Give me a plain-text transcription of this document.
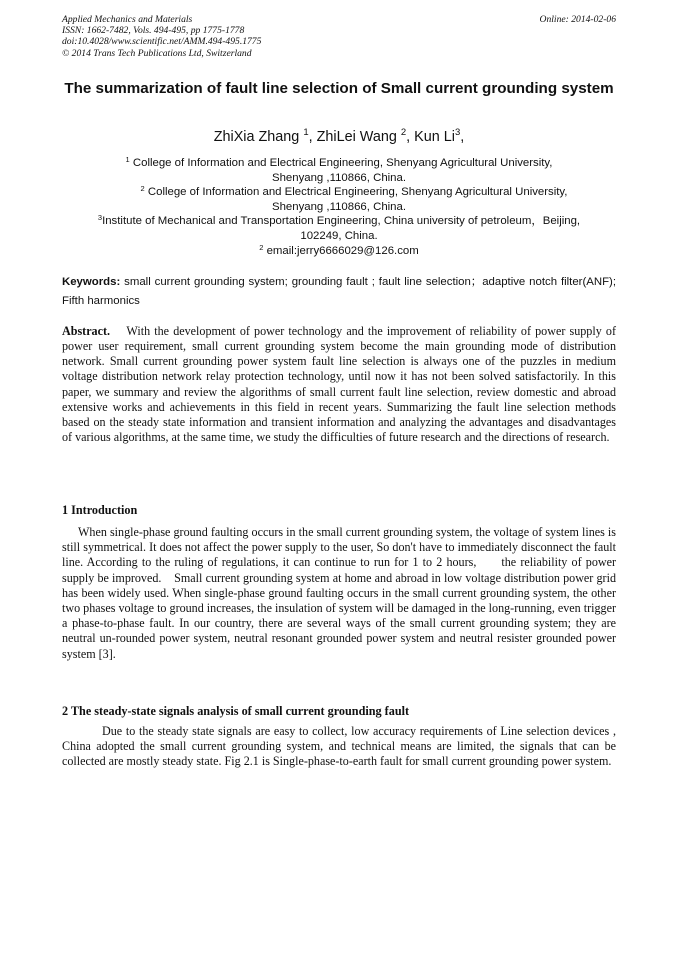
Applied Mechanics and Materials
ISSN: 1662-7482, Vols. 494-495, pp 1775-1778
doi:10.4028/www.scientific.net/AMM.494-495.1775
© 2014 Trans Tech Publications Ltd, Switzerland
Online: 2014-02-06
The summarization of fault line selection of Small current grounding system
ZhiXia Zhang $^1$, ZhiLei Wang $^2$, Kun Li$^3$,
$^1$ College of Information and Electrical Engineering, Shenyang Agricultural University,
Shenyang ,110866, China.
$^2$ College of Information and Electrical Engineering, Shenyang Agricultural University,
Shenyang ,110866, China.
$^3$Institute of Mechanical and Transportation Engineering, China university of petroleum，Beijing,
102249, China.
$^2$ email:jerry6666029@126.com
Keywords: small current grounding system; grounding fault ; fault line selection；adaptive notch filter(ANF); Fifth harmonics
Abstract.    With the development of power technology and the improvement of reliability of power supply of power user requirement, small current grounding system become the main grounding mode of distribution network. Small current grounding power system fault line selection is always one of the puzzles in medium voltage distribution network relay protection technology, until now it has not been solved satisfactorily. In this paper, we summary and review the algorithms of small current fault line selection, review domestic and abroad extensive works and achievements in this field in recent years. Summarizing the fault line selection methods based on the steady state information and transient information and analyzing the advantages and disadvantages of various algorithms, at the same time, we study the difficulties of future research and the directions of research.
1 Introduction
When single-phase ground faulting occurs in the small current grounding system, the voltage of system lines is still symmetrical. It does not affect the power supply to the user, So don't have to immediately disconnect the fault line. According to the ruling of regulations, it can continue to run for 1 to 2 hours,      the reliability of power supply be improved.    Small current grounding system at home and abroad in low voltage distribution power grid has been widely used. When single-phase ground faulting occurs in the small current grounding system, the other two phases voltage to ground increases, the insulation of system will be damaged in the long-running, even trigger a phase-to-phase fault. In our country, there are several ways of the small current grounding system; they are neutral un-rounded power system, neutral resonant grounded power system and neutral resister grounded power system [3].
2 The steady-state signals analysis of small current grounding fault
Due to the steady state signals are easy to collect, low accuracy requirements of Line selection devices , China adopted the small current grounding system, and technical means are limited, the signals that can be collected are mostly steady state. Fig 2.1 is Single-phase-to-earth fault for small current grounding power system.
